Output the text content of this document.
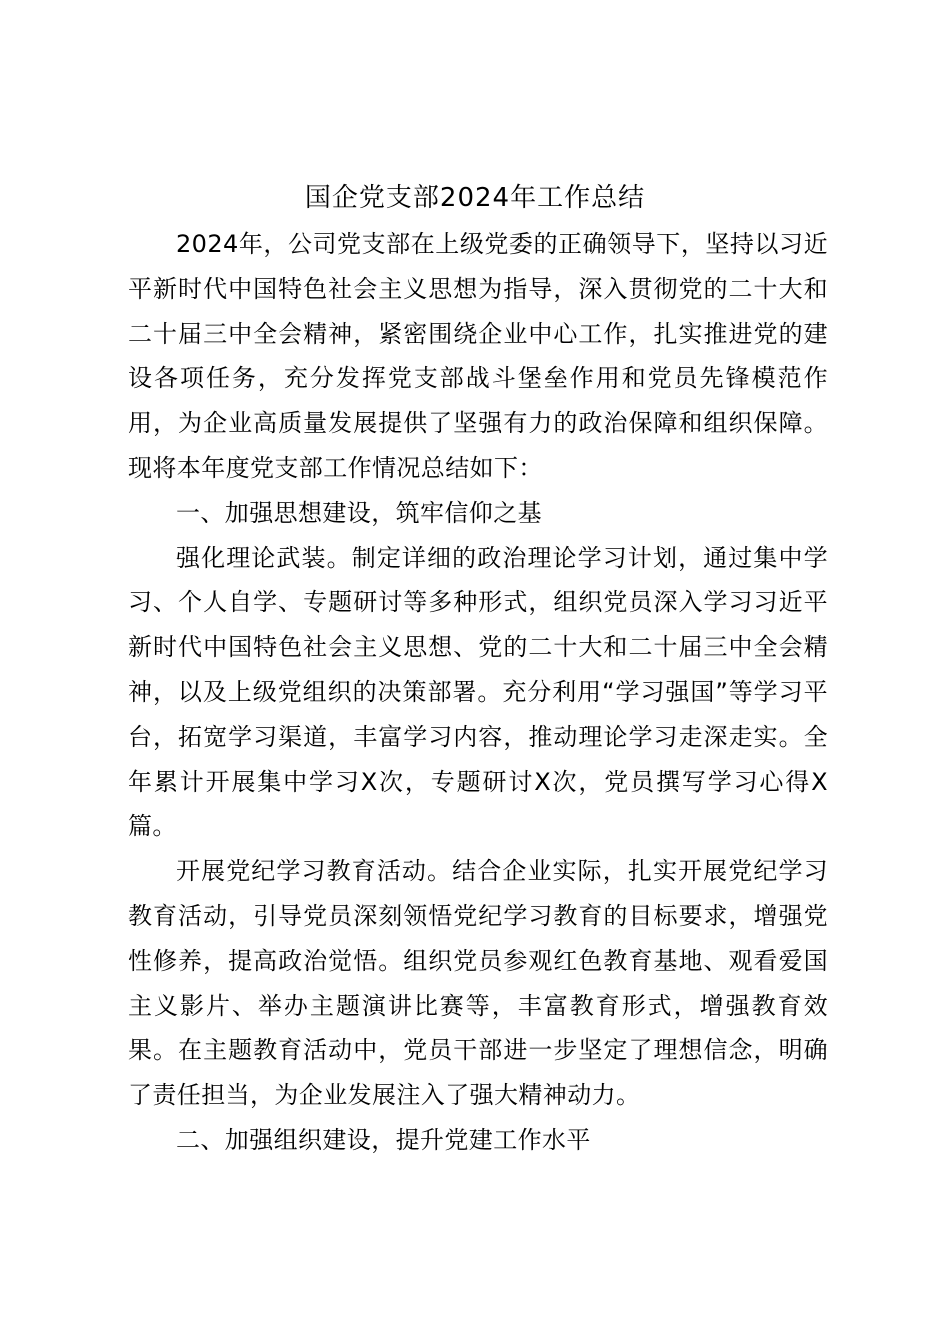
国企党支部2024年工作总结

2024年，公司党支部在上级党委的正确领导下，坚持以习近平新时代中国特色社会主义思想为指导，深入贯彻党的二十大和二十届三中全会精神，紧密围绕企业中心工作，扎实推进党的建设各项任务，充分发挥党支部战斗堡垒作用和党员先锋模范作用，为企业高质量发展提供了坚强有力的政治保障和组织保障。现将本年度党支部工作情况总结如下：

一、加强思想建设，筑牢信仰之基

强化理论武装。制定详细的政治理论学习计划，通过集中学习、个人自学、专题研讨等多种形式，组织党员深入学习习近平新时代中国特色社会主义思想、党的二十大和二十届三中全会精神，以及上级党组织的决策部署。充分利用“学习强国”等学习平台，拓宽学习渠道，丰富学习内容，推动理论学习走深走实。全年累计开展集中学习X次，专题研讨X次，党员撰写学习心得X篇。

开展党纪学习教育活动。结合企业实际，扎实开展党纪学习教育活动，引导党员深刻领悟党纪学习教育的目标要求，增强党性修养，提高政治觉悟。组织党员参观红色教育基地、观看爱国主义影片、举办主题演讲比赛等，丰富教育形式，增强教育效果。在主题教育活动中，党员干部进一步坚定了理想信念，明确了责任担当，为企业发展注入了强大精神动力。

二、加强组织建设，提升党建工作水平
